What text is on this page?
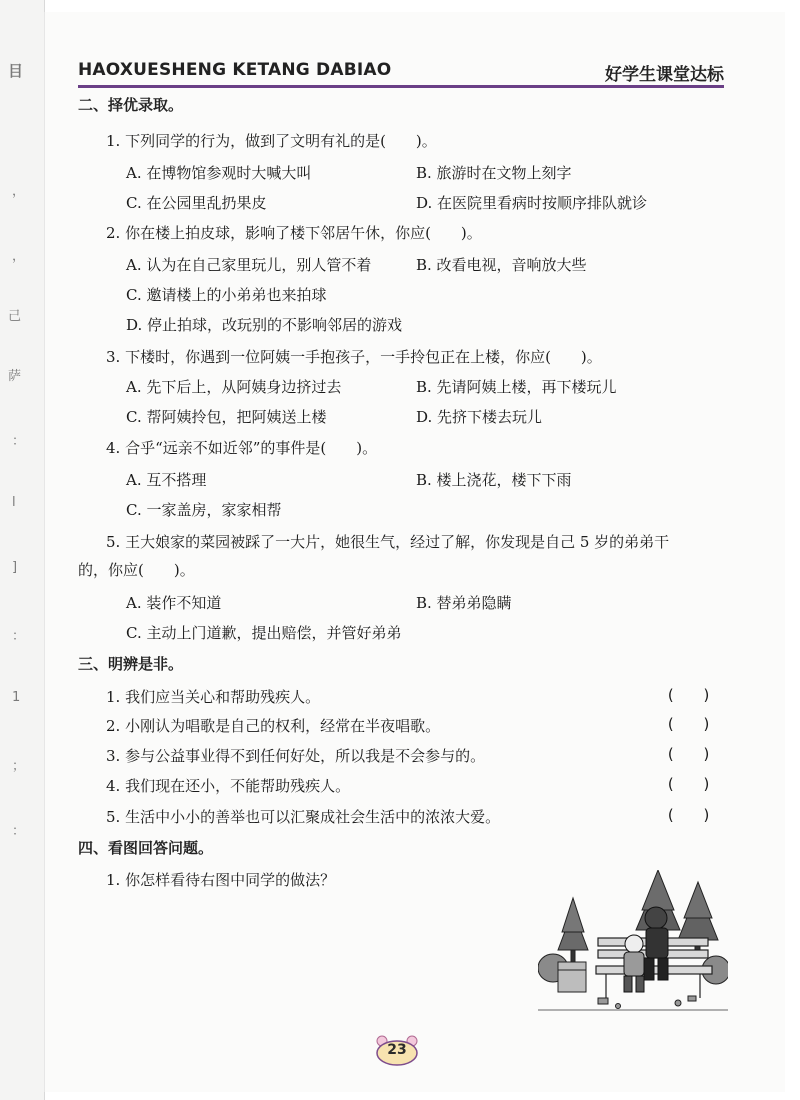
目
，
，
己
萨
：
l
]
：
1
；
：
HAOXUESHENG KETANG DABIAO	好学生课堂达标
二、择优录取。
1. 下列同学的行为，做到了文明有礼的是(　　)。
A. 在博物馆参观时大喊大叫	B. 旅游时在文物上刻字
C. 在公园里乱扔果皮	D. 在医院里看病时按顺序排队就诊
2. 你在楼上拍皮球，影响了楼下邻居午休，你应(　　)。
A. 认为在自己家里玩儿，别人管不着	B. 改看电视，音响放大些
C. 邀请楼上的小弟弟也来拍球
D. 停止拍球，改玩别的不影响邻居的游戏
3. 下楼时，你遇到一位阿姨一手抱孩子，一手拎包正在上楼，你应(　　)。
A. 先下后上，从阿姨身边挤过去	B. 先请阿姨上楼，再下楼玩儿
C. 帮阿姨拎包，把阿姨送上楼	D. 先挤下楼去玩儿
4. 合乎“远亲不如近邻”的事件是(　　)。
A. 互不搭理	B. 楼上浇花，楼下下雨
C. 一家盖房，家家相帮
5. 王大娘家的菜园被踩了一大片，她很生气，经过了解，你发现是自己 5 岁的弟弟干
的，你应(　　)。
A. 装作不知道	B. 替弟弟隐瞒
C. 主动上门道歉，提出赔偿，并管好弟弟
三、明辨是非。
1. 我们应当关心和帮助残疾人。	(   )
2. 小刚认为唱歌是自己的权利，经常在半夜唱歌。	(   )
3. 参与公益事业得不到任何好处，所以我是不会参与的。	(   )
4. 我们现在还小，不能帮助残疾人。	(   )
5. 生活中小小的善举也可以汇聚成社会生活中的浓浓大爱。	(   )
四、看图回答问题。
1. 你怎样看待右图中同学的做法？
23
